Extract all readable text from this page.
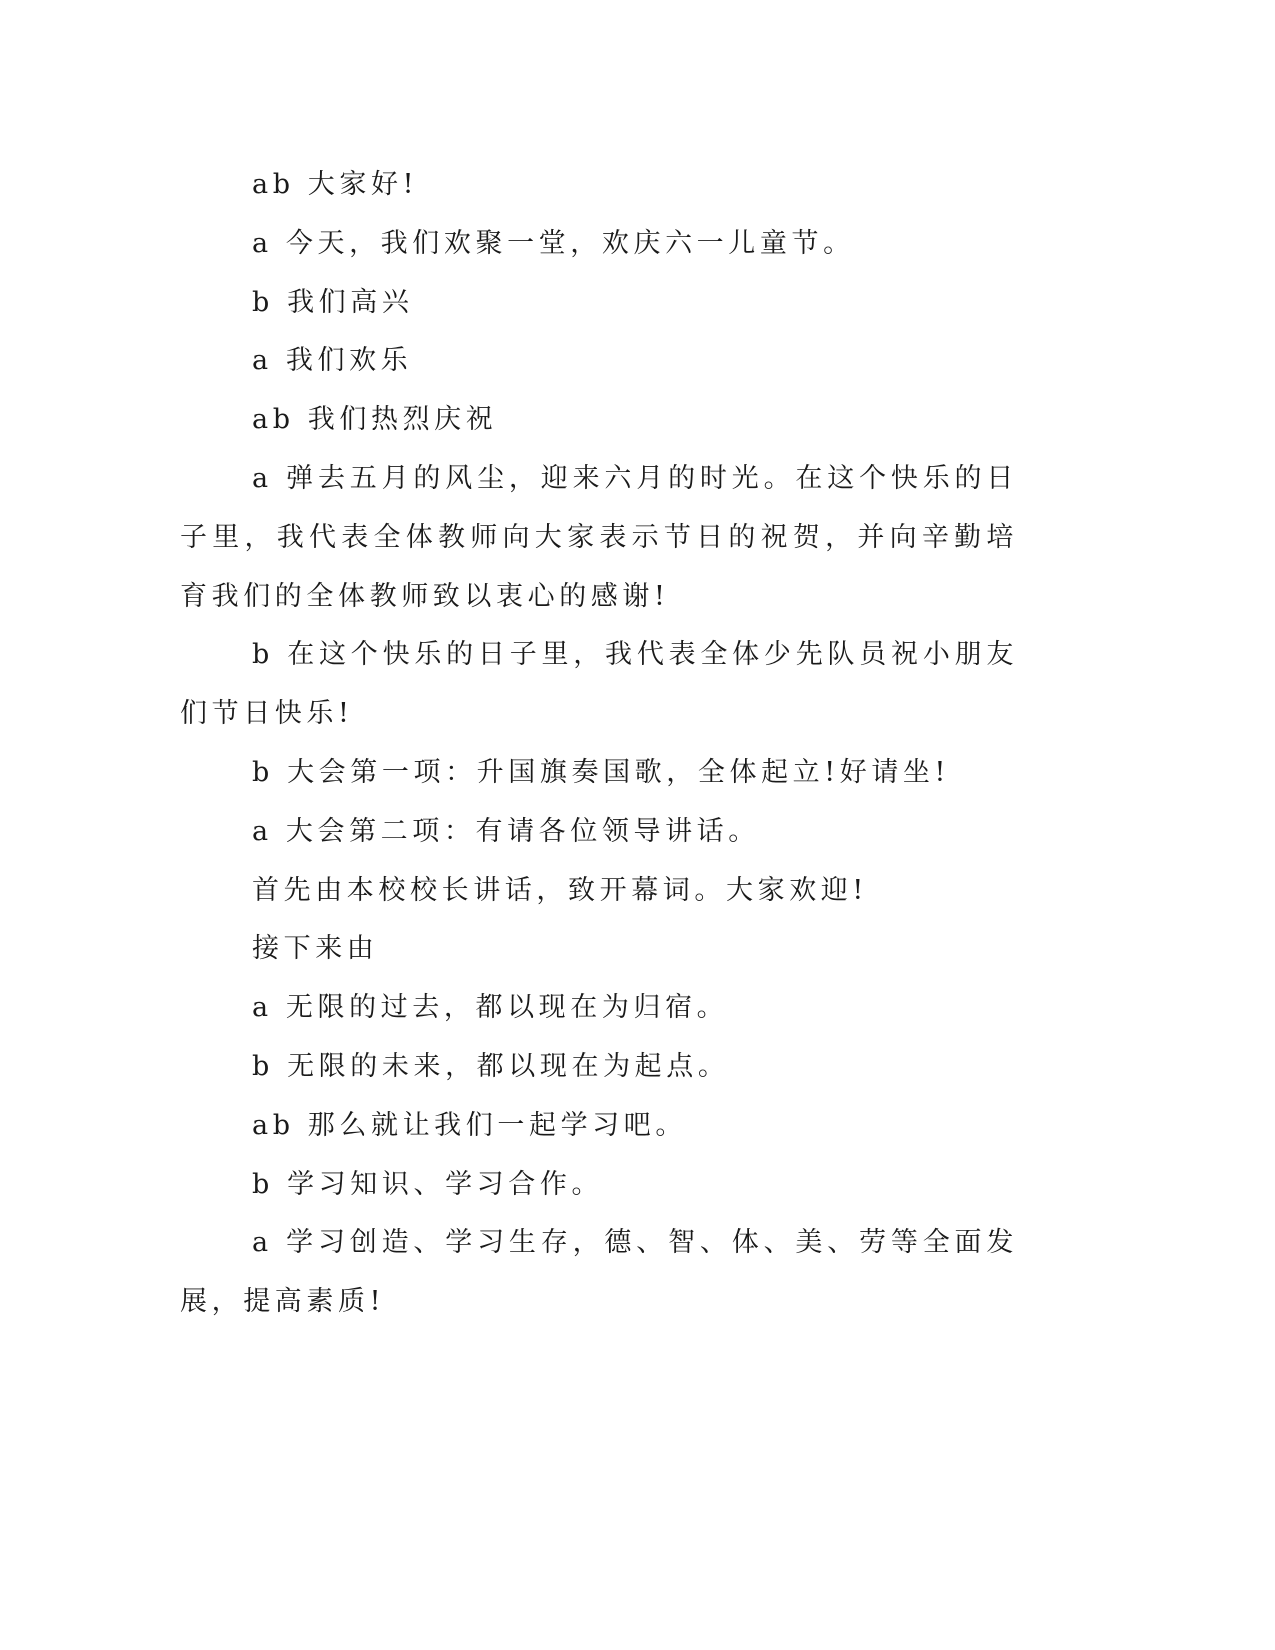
ab 大家好!

a 今天，我们欢聚一堂，欢庆六一儿童节。

b 我们高兴

a 我们欢乐

ab 我们热烈庆祝

a 弹去五月的风尘，迎来六月的时光。在这个快乐的日子里，我代表全体教师向大家表示节日的祝贺，并向辛勤培育我们的全体教师致以衷心的感谢!

b 在这个快乐的日子里，我代表全体少先队员祝小朋友们节日快乐!

b 大会第一项：升国旗奏国歌，全体起立!好请坐!

a 大会第二项：有请各位领导讲话。

首先由本校校长讲话，致开幕词。大家欢迎!

接下来由

a 无限的过去，都以现在为归宿。

b 无限的未来，都以现在为起点。

ab 那么就让我们一起学习吧。

b 学习知识、学习合作。

a 学习创造、学习生存，德、智、体、美、劳等全面发展，提高素质!
